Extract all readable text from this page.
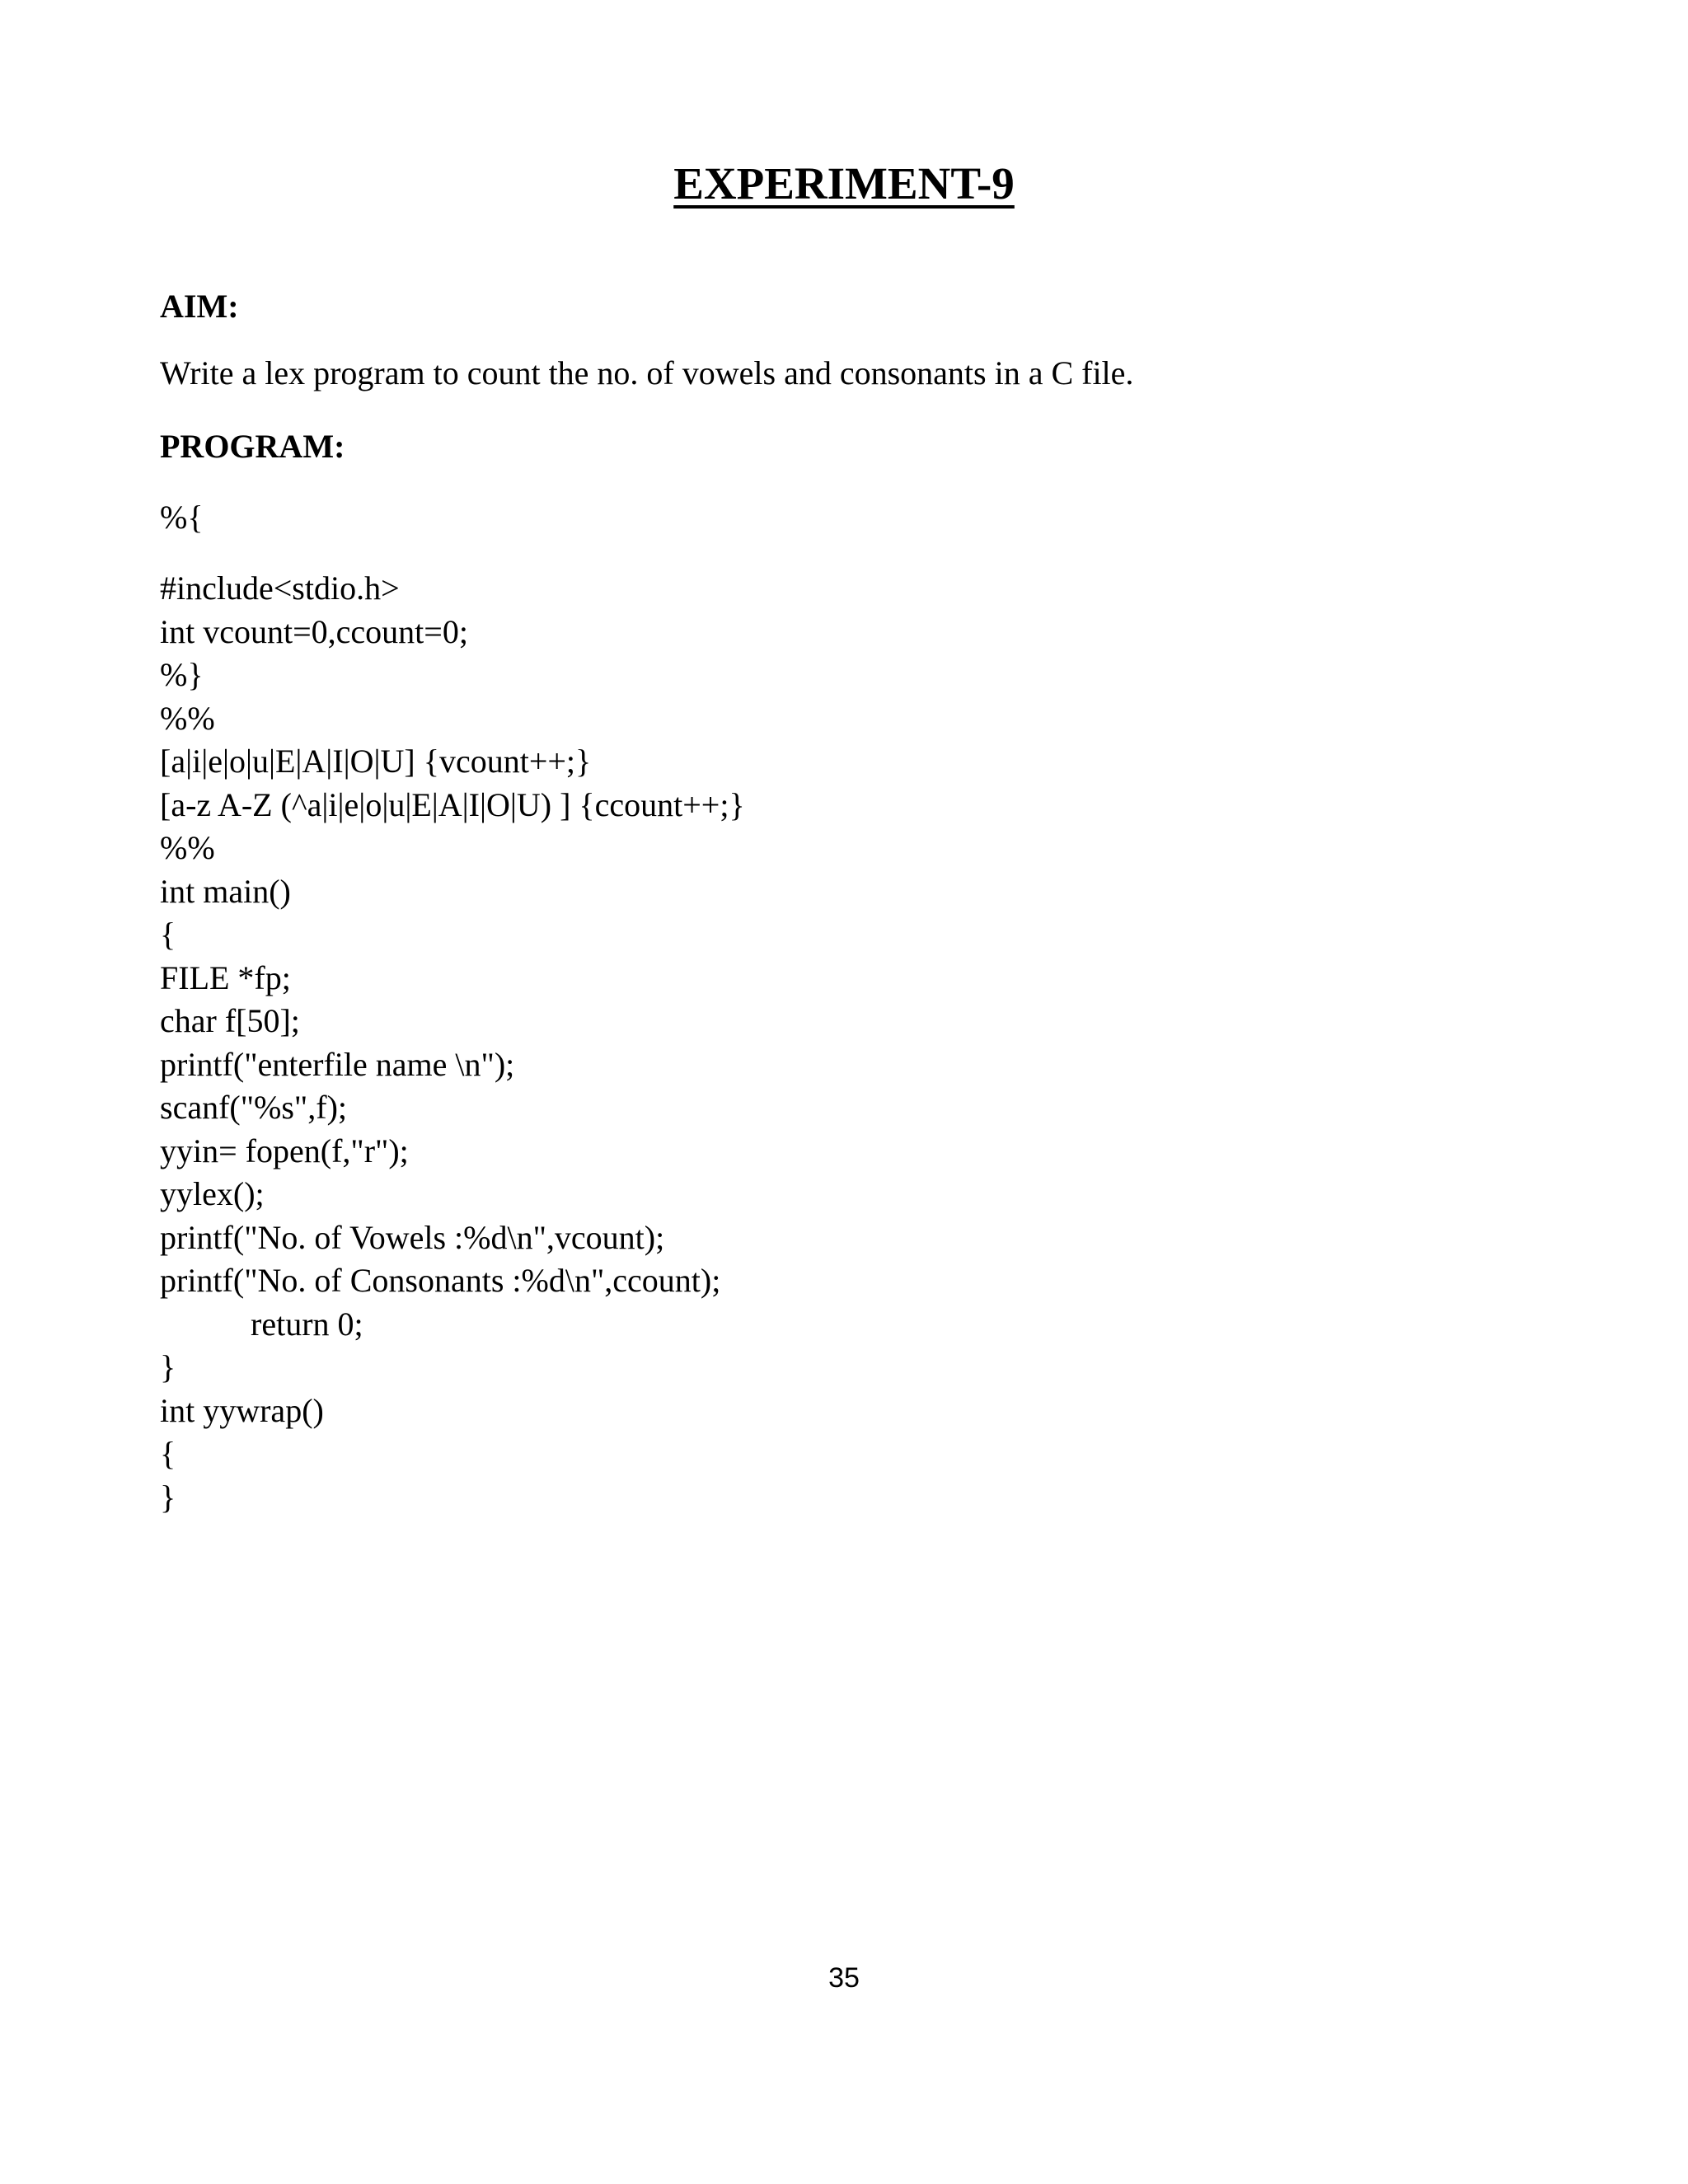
EXPERIMENT-9
AIM:

Write a lex program to count the no. of vowels and consonants in a C file.

PROGRAM:
%{
#include<stdio.h>
int vcount=0,ccount=0;
%}
%%
[a|i|e|o|u|E|A|I|O|U] {vcount++;}
[a-z A-Z (^a|i|e|o|u|E|A|I|O|U) ] {ccount++;}
%%
int main()
{
FILE *fp;
char f[50];
printf("enterfile name \n");
scanf("%s",f);
yyin= fopen(f,"r");
yylex();
printf("No. of Vowels :%d\n",vcount);
printf("No. of Consonants :%d\n",ccount);
return 0;
}
int yywrap()
{
}
35
